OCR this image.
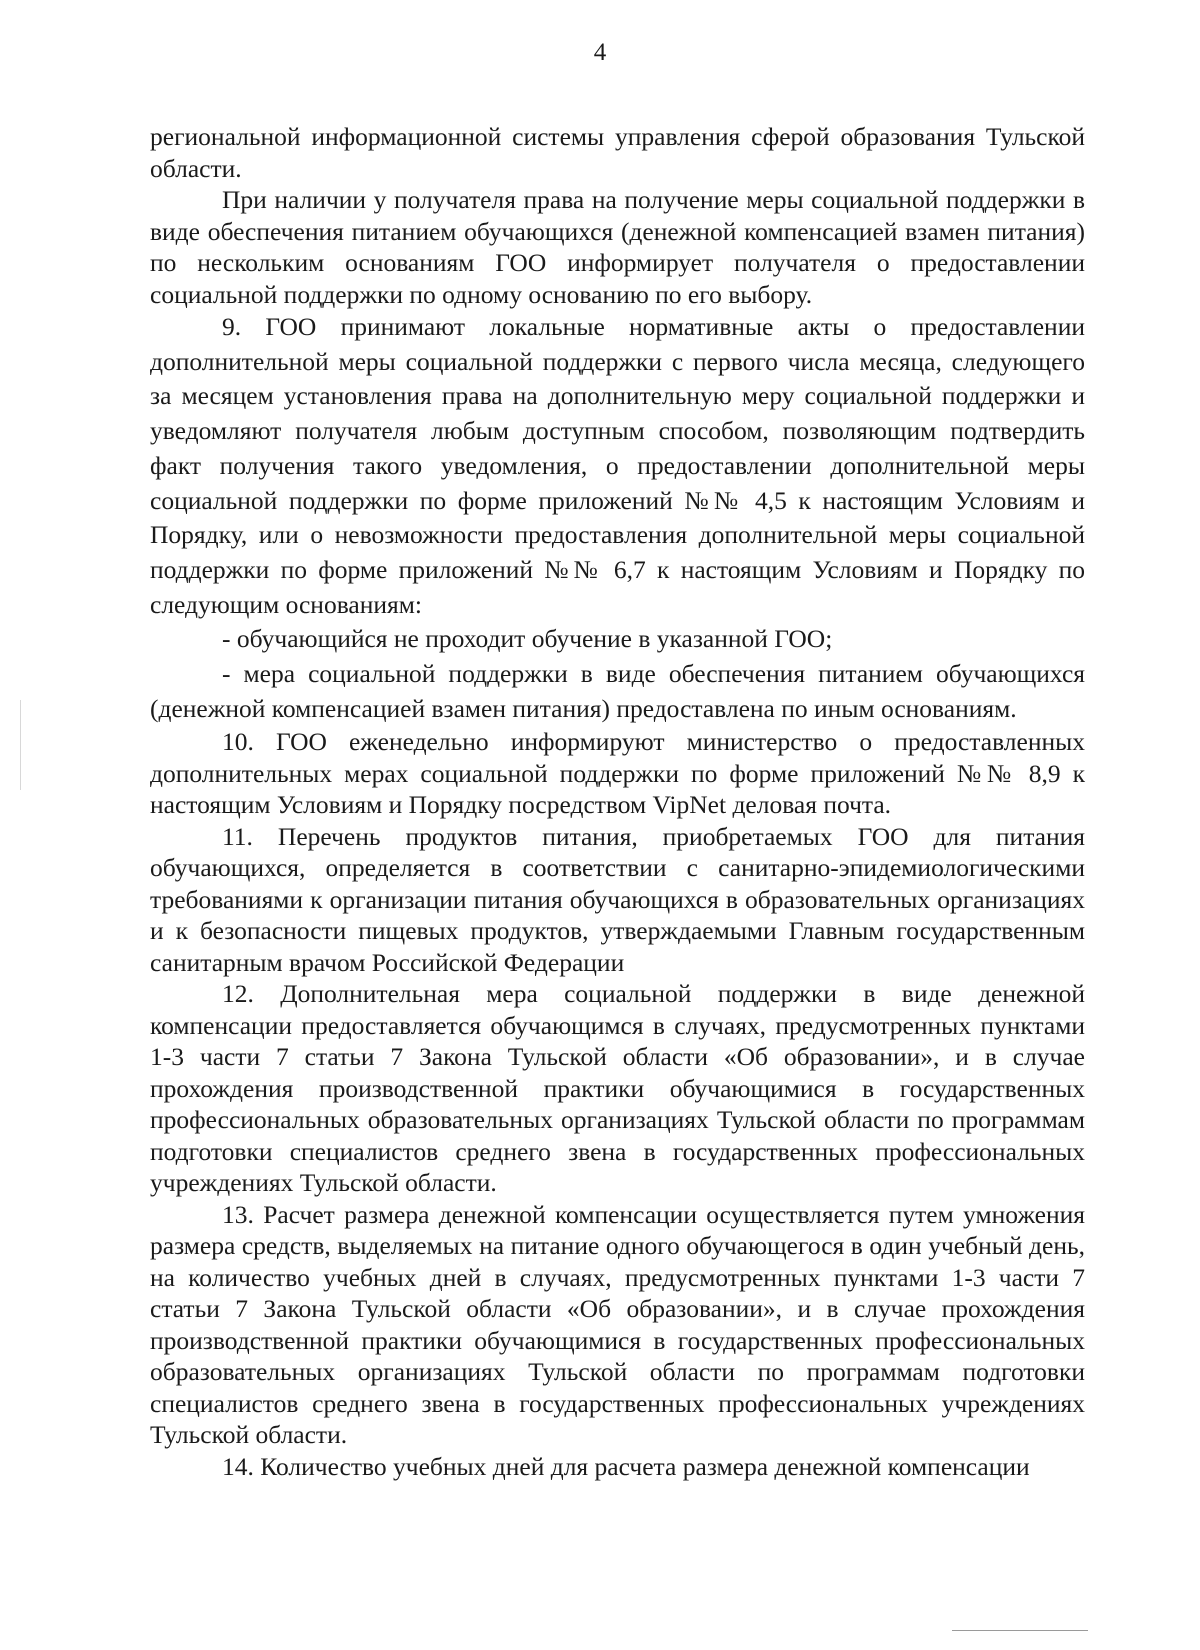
4

региональной информационной системы управления сферой образования Тульской области.

При наличии у получателя права на получение меры социальной поддержки в виде обеспечения питанием обучающихся (денежной компенсацией взамен питания) по нескольким основаниям ГОО информирует получателя о предоставлении социальной поддержки по одному основанию по его выбору.

9. ГОО принимают локальные нормативные акты о предоставлении дополнительной меры социальной поддержки с первого числа месяца, следующего за месяцем установления права на дополнительную меру социальной поддержки и уведомляют получателя любым доступным способом, позволяющим подтвердить факт получения такого уведомления, о предоставлении дополнительной меры социальной поддержки по форме приложений №№ 4,5 к настоящим Условиям и Порядку, или о невозможности предоставления дополнительной меры социальной поддержки по форме приложений №№ 6,7 к настоящим Условиям и Порядку по следующим основаниям:

- обучающийся не проходит обучение в указанной ГОО;

- мера социальной поддержки в виде обеспечения питанием обучающихся (денежной компенсацией взамен питания) предоставлена по иным основаниям.

10. ГОО еженедельно информируют министерство о предоставленных дополнительных мерах социальной поддержки по форме приложений №№ 8,9 к настоящим Условиям и Порядку посредством VipNet деловая почта.

11. Перечень продуктов питания, приобретаемых ГОО для питания обучающихся, определяется в соответствии с санитарно-эпидемиологическими требованиями к организации питания обучающихся в образовательных организациях и к безопасности пищевых продуктов, утверждаемыми Главным государственным санитарным врачом Российской Федерации

12. Дополнительная мера социальной поддержки в виде денежной компенсации предоставляется обучающимся в случаях, предусмотренных пунктами 1-3 части 7 статьи 7 Закона Тульской области «Об образовании», и в случае прохождения производственной практики обучающимися в государственных профессиональных образовательных организациях Тульской области по программам подготовки специалистов среднего звена в государственных профессиональных учреждениях Тульской области.

13. Расчет размера денежной компенсации осуществляется путем умножения размера средств, выделяемых на питание одного обучающегося в один учебный день, на количество учебных дней в случаях, предусмотренных пунктами 1-3 части 7 статьи 7 Закона Тульской области «Об образовании», и в случае прохождения производственной практики обучающимися в государственных профессиональных образовательных организациях Тульской области по программам подготовки специалистов среднего звена в государственных профессиональных учреждениях Тульской области.

14. Количество учебных дней для расчета размера денежной компенсации
